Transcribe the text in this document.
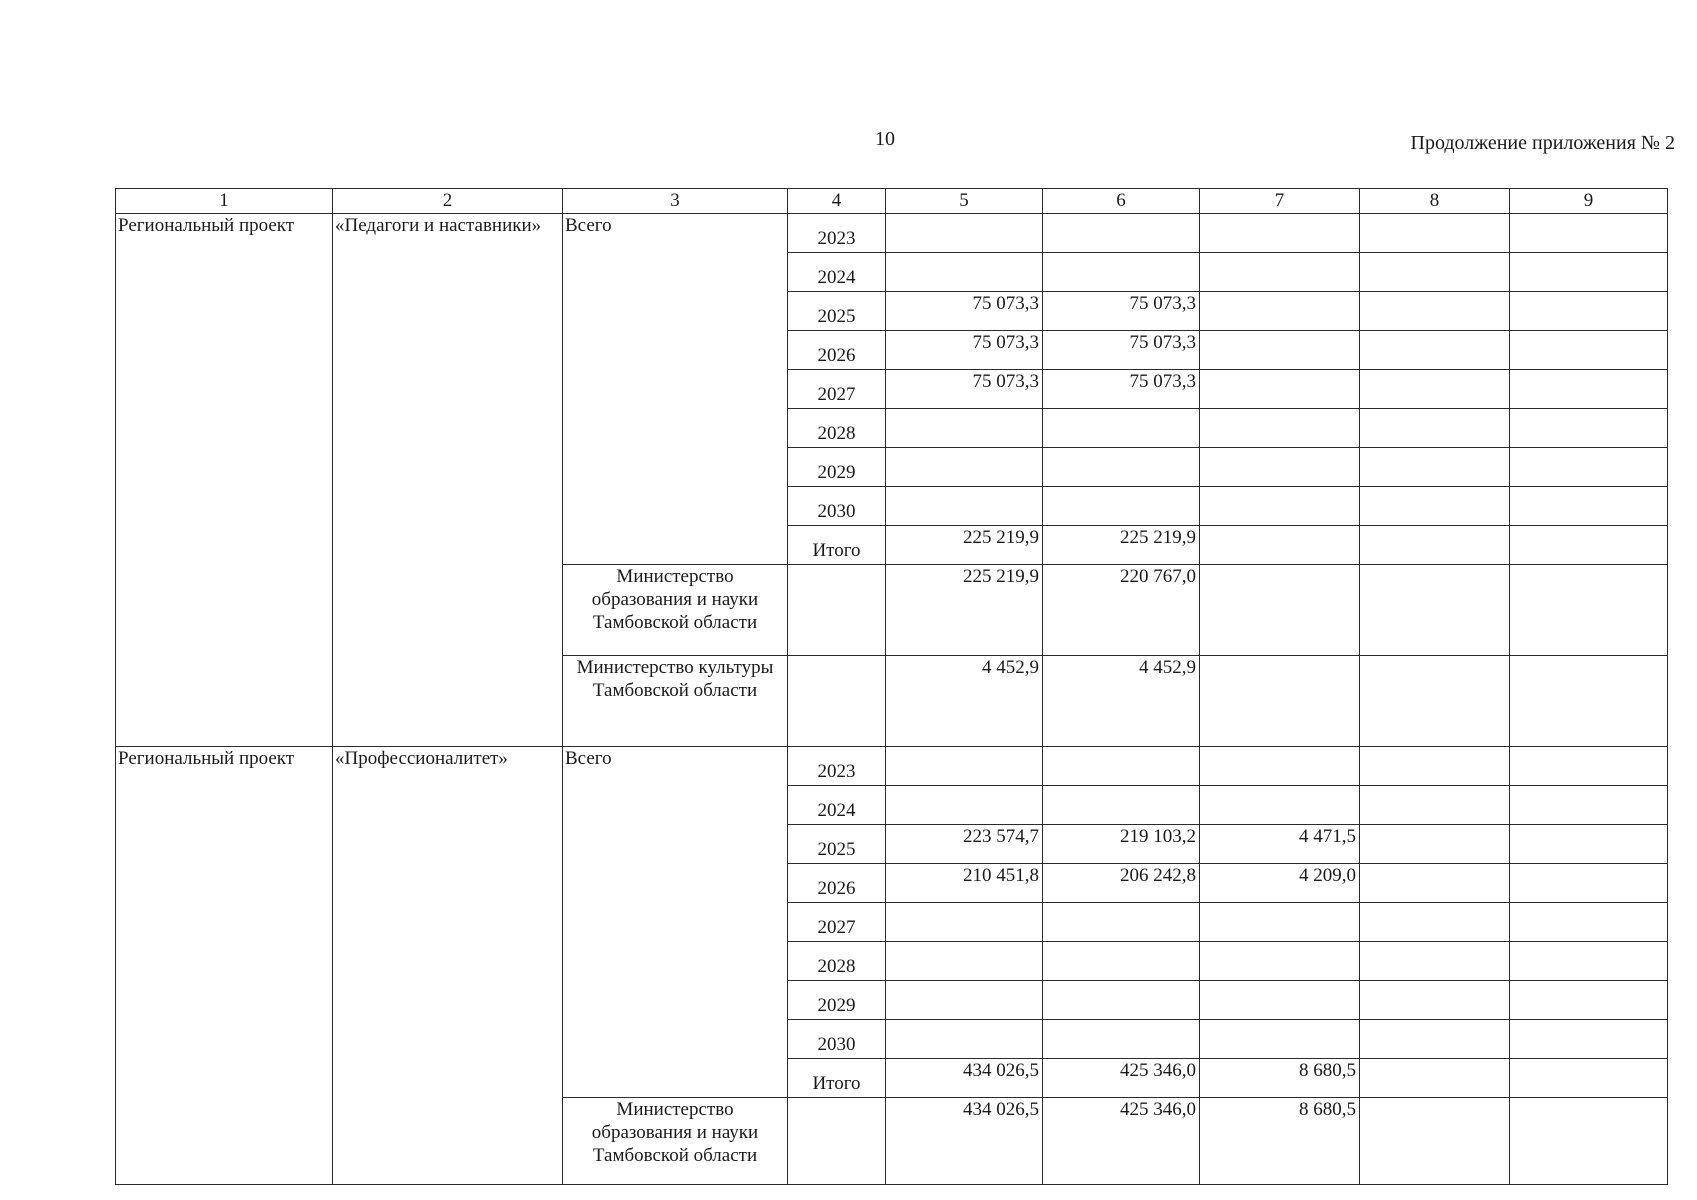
10	Продолжение приложения № 2
1	2	3	4	5	6	7	8	9
Региональный проект	«Педагоги и наставники»	Всего	2023					
			2024					
			2025	75 073,3	75 073,3			
			2026	75 073,3	75 073,3			
			2027	75 073,3	75 073,3			
			2028					
			2029					
			2030					
			Итого	225 219,9	225 219,9			
		Министерство образования и науки Тамбовской области		225 219,9	220 767,0			
		Министерство культуры Тамбовской области		4 452,9	4 452,9			
Региональный проект	«Профессионалитет»	Всего	2023					
			2024					
			2025	223 574,7	219 103,2	4 471,5		
			2026	210 451,8	206 242,8	4 209,0		
			2027					
			2028					
			2029					
			2030					
			Итого	434 026,5	425 346,0	8 680,5		
		Министерство образования и науки Тамбовской области		434 026,5	425 346,0	8 680,5		
